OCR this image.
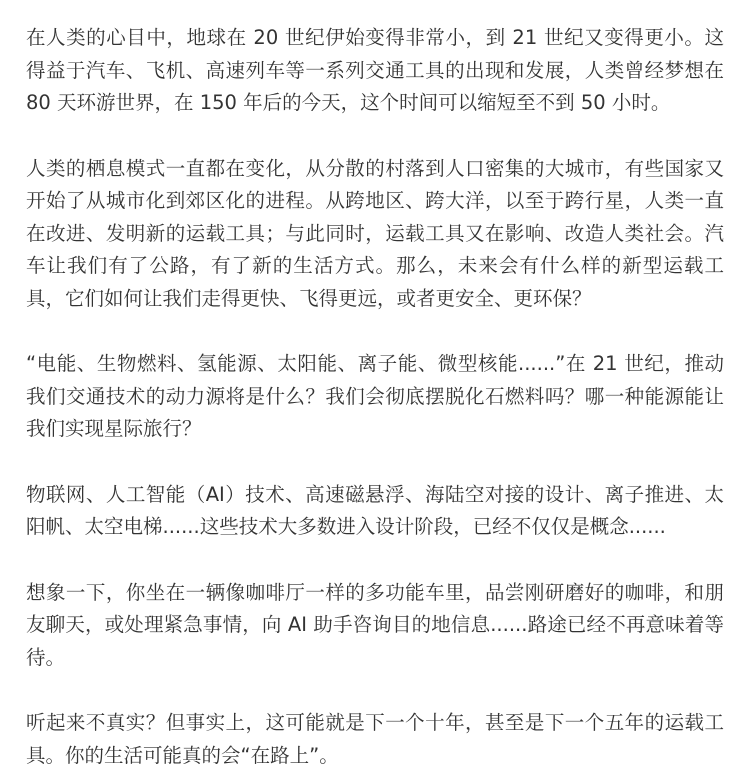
在人类的心目中，地球在 20 世纪伊始变得非常小，到 21 世纪又变得更小。这得益于汽车、飞机、高速列车等一系列交通工具的出现和发展，人类曾经梦想在 80 天环游世界，在 150 年后的今天，这个时间可以缩短至不到 50 小时。

人类的栖息模式一直都在变化，从分散的村落到人口密集的大城市，有些国家又开始了从城市化到郊区化的进程。从跨地区、跨大洋，以至于跨行星，人类一直在改进、发明新的运载工具；与此同时，运载工具又在影响、改造人类社会。汽车让我们有了公路，有了新的生活方式。那么，未来会有什么样的新型运载工具，它们如何让我们走得更快、飞得更远，或者更安全、更环保？

“电能、生物燃料、氢能源、太阳能、离子能、微型核能......”在 21 世纪，推动我们交通技术的动力源将是什么？我们会彻底摆脱化石燃料吗？哪一种能源能让我们实现星际旅行？

物联网、人工智能（AI）技术、高速磁悬浮、海陆空对接的设计、离子推进、太阳帆、太空电梯......这些技术大多数进入设计阶段，已经不仅仅是概念......

想象一下，你坐在一辆像咖啡厅一样的多功能车里，品尝刚研磨好的咖啡，和朋友聊天，或处理紧急事情，向 AI 助手咨询目的地信息......路途已经不再意味着等待。

听起来不真实？但事实上，这可能就是下一个十年，甚至是下一个五年的运载工具。你的生活可能真的会“在路上”。
